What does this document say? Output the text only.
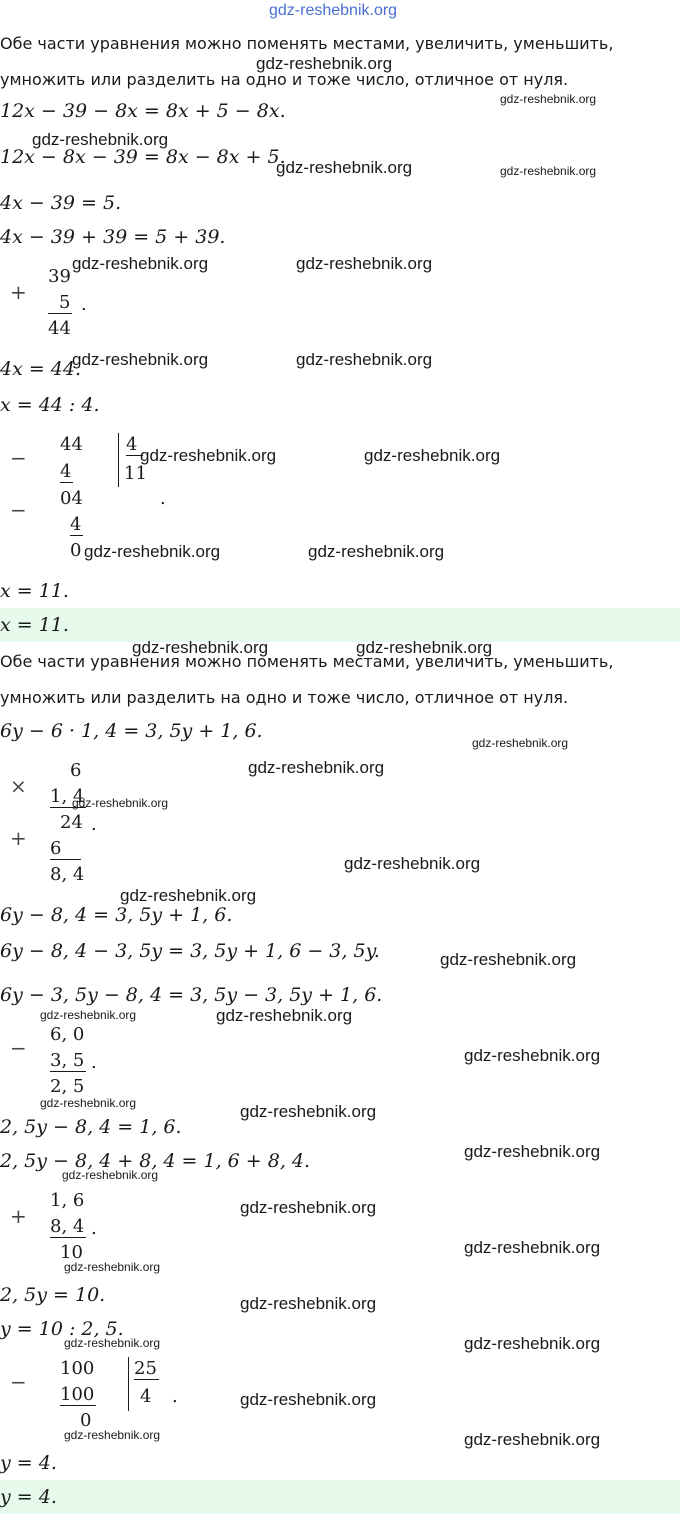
gdz-reshebnik.org
Обе части уравнения можно поменять местами, увеличить, уменьшить,
gdz-reshebnik.org
умножить или разделить на одно и тоже число, отличное от нуля.
gdz-reshebnik.org
12x − 39 − 8x = 8x + 5 − 8x.
gdz-reshebnik.org
12x − 8x − 39 = 8x − 8x + 5.
gdz-reshebnik.org	gdz-reshebnik.org
4x − 39 = 5.
4x − 39 + 39 = 5 + 39.
+
39
gdz-reshebnik.org	gdz-reshebnik.org
5
44
.
gdz-reshebnik.org	gdz-reshebnik.org
4x = 44.
x = 44 : 4.
−
44
4
4
11
gdz-reshebnik.org	gdz-reshebnik.org
− 04
4
.
0 gdz-reshebnik.org	gdz-reshebnik.org
x = 11.
x = 11.
gdz-reshebnik.org	gdz-reshebnik.org
Обе части уравнения можно поменять местами, увеличить, уменьшить,
умножить или разделить на одно и тоже число, отличное от нуля.
6y − 6 · 1, 4 = 3, 5y + 1, 6.
gdz-reshebnik.org
×
6	gdz-reshebnik.org
1, 4
gdz-reshebnik.org
24 .
+ 6
8, 4
gdz-reshebnik.org
gdz-reshebnik.org
6y − 8, 4 = 3, 5y + 1, 6.
6y − 8, 4 − 3, 5y = 3, 5y + 1, 6 − 3, 5y.	gdz-reshebnik.org
6y − 3, 5y − 8, 4 = 3, 5y − 3, 5y + 1, 6.
gdz-reshebnik.org	gdz-reshebnik.org
−
6, 0
3, 5 .	gdz-reshebnik.org
2, 5
gdz-reshebnik.org	gdz-reshebnik.org
2, 5y − 8, 4 = 1, 6.
gdz-reshebnik.org
2, 5y − 8, 4 + 8, 4 = 1, 6 + 8, 4.
gdz-reshebnik.org
+
1, 6	gdz-reshebnik.org
8, 4 .
10	gdz-reshebnik.org
gdz-reshebnik.org
2, 5y = 10.	gdz-reshebnik.org
y = 10 : 2, 5.
gdz-reshebnik.org	gdz-reshebnik.org
−
100
100
25
4 .	gdz-reshebnik.org
0
gdz-reshebnik.org	gdz-reshebnik.org
y = 4.
y = 4.
